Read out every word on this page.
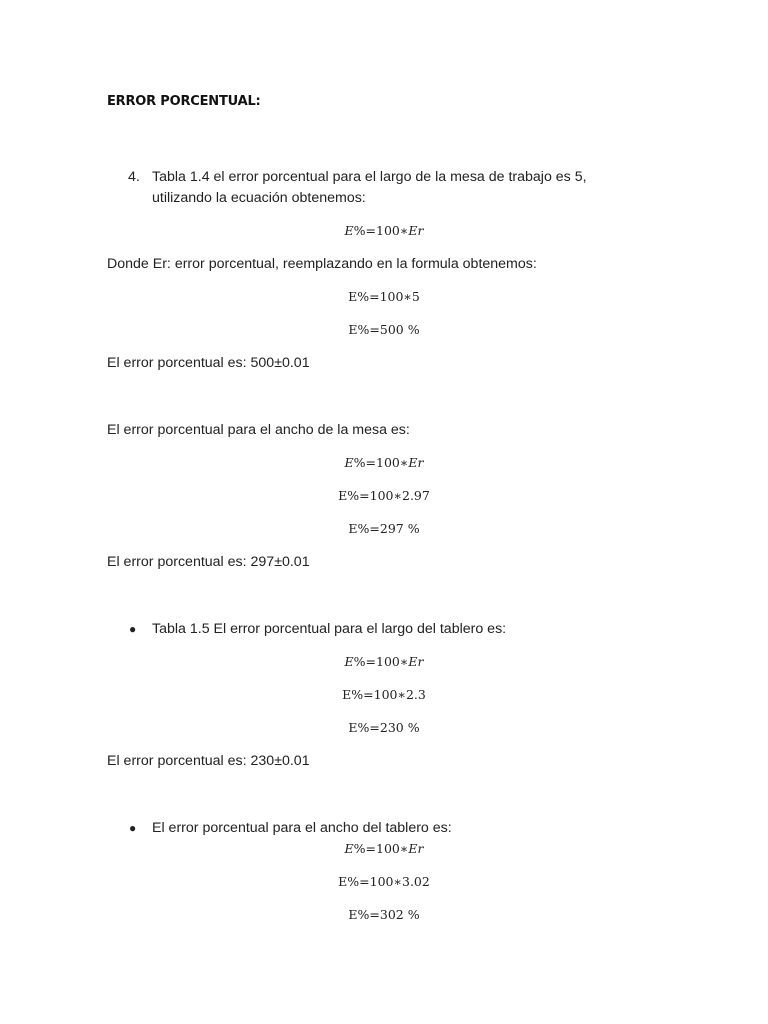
ERROR PORCENTUAL:
4. Tabla 1.4 el error porcentual para el largo de la mesa de trabajo es 5, utilizando la ecuación obtenemos:
E%=100∗Er
Donde Er: error porcentual, reemplazando en la formula obtenemos:
E%=100∗5
E%=500 %
El error porcentual es: 500±0.01
El error porcentual para el ancho de la mesa es:
E%=100∗Er
E%=100∗2.97
E%=297 %
El error porcentual es: 297±0.01
● Tabla 1.5 El error porcentual para el largo del tablero es:
E%=100∗Er
E%=100∗2.3
E%=230 %
El error porcentual es: 230±0.01
● El error porcentual para el ancho del tablero es:
E%=100∗Er
E%=100∗3.02
E%=302 %
